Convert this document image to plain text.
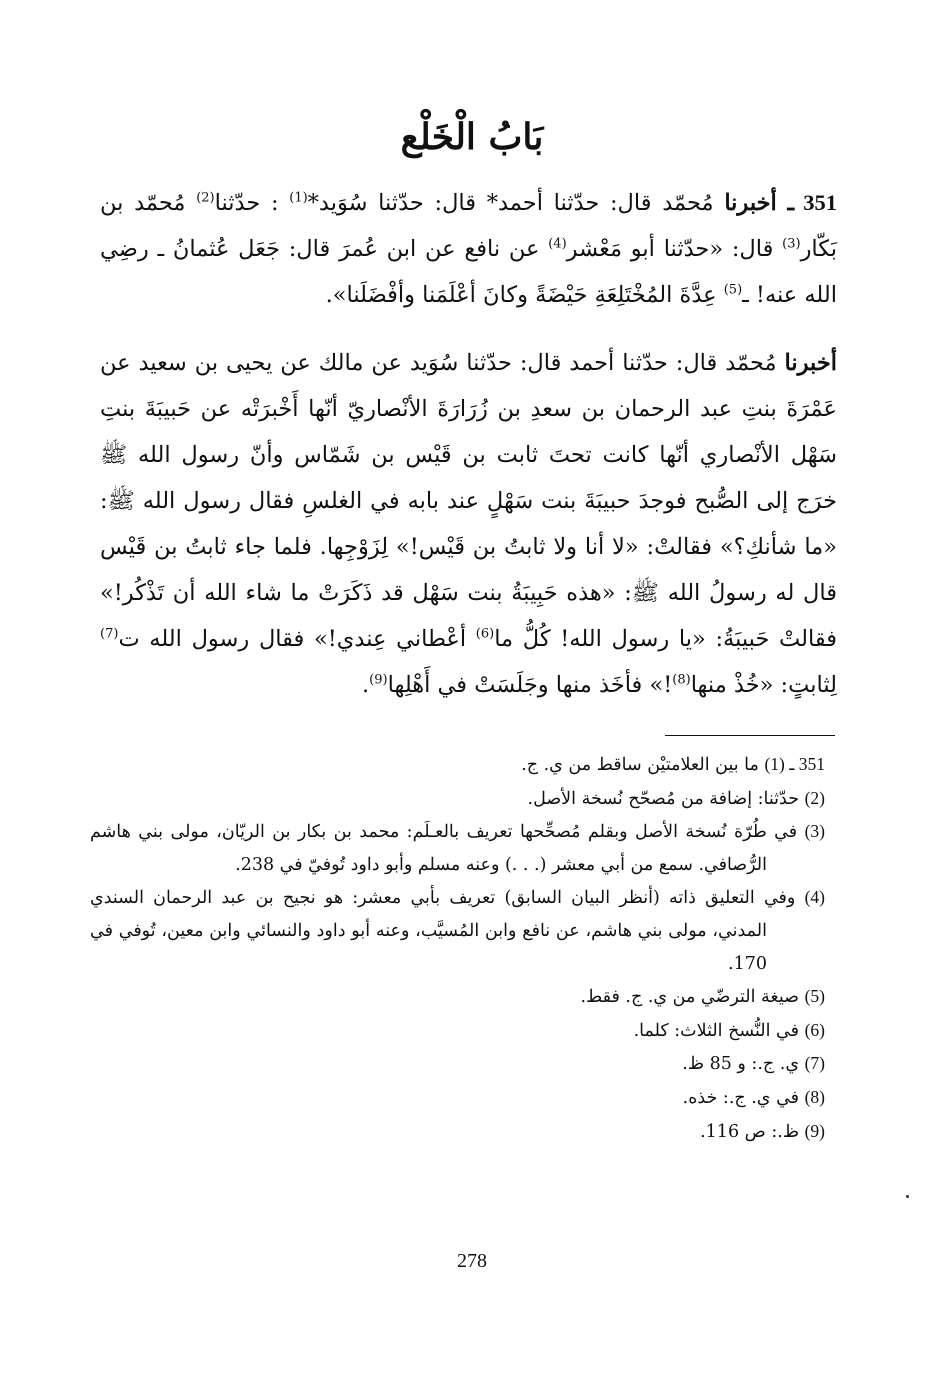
بَابُ الْخَلْع
351 ـ أخبرنا مُحمّد قال: حدّثنا أحمد* قال: حدّثنا سُوَيد*$^{(1)}$ : حدّثنا$^{(2)}$ مُحمّد بن بَكّار$^{(3)}$ قال: «حدّثنا أبو مَعْشر$^{(4)}$ عن نافع عن ابن عُمرَ قال: جَعَل عُثمانُ ـ رضِي الله عنه! ـ$^{(5)}$ عِدَّةَ المُخْتَلِعَةِ حَيْضَةً وكانَ أعْلَمَنا وأفْضَلَنا».
أخبرنا مُحمّد قال: حدّثنا أحمد قال: حدّثنا سُوَيد عن مالك عن يحيى بن سعيد عن عَمْرَةَ بنتِ عبد الرحمان بن سعدِ بن زُرَارَةَ الأنْصاريّ أنّها أَخْبرَتْه عن حَبيبَةَ بنتِ سَهْل الأنْصاري أنّها كانت تحتَ ثابت بن قَيْس بن شَمّاس وأنّ رسول الله ﷺ خرَج إلى الصُّبح فوجدَ حبيبَةَ بنت سَهْلٍ عند بابه في الغلسِ فقال رسول الله ﷺ: «ما شأنكِ؟» فقالتْ: «لا أنا ولا ثابتُ بن قَيْس!» لِزَوْجِها. فلما جاء ثابتُ بن قَيْس قال له رسولُ الله ﷺ: «هذه حَبِيبَةُ بنت سَهْل قد ذَكَرَتْ ما شاء الله أن تَذْكُر!» فقالتْ حَبيبَةُ: «يا رسول الله! كُلُّ ما$^{(6)}$ أعْطاني عِندي!» فقال رسول الله ت$^{(7)}$ لِثابتٍ: «خُذْ منها$^{(8)}$!» فأخَذ منها وجَلَسَتْ في أَهْلِها$^{(9)}$.
351 ـ (1) ما بين العلامتيْن ساقط من ي. ج.
(2) حدّثنا: إضافة من مُصحّح نُسخة الأصل.
(3) في طُرّة نُسخة الأصل وبقلم مُصحِّحها تعريف بالعـلَم: محمد بن بكار بن الريّان، مولى بني هاشم الرُّصافي. سمع من أبي معشر (. . .) وعنه مسلم وأبو داود تُوفيّ في 238.
(4) وفي التعليق ذاته (أنظر البيان السابق) تعريف بأبي معشر: هو نجيح بن عبد الرحمان السندي المدني، مولى بني هاشم، عن نافع وابن المُسيَّب، وعنه أبو داود والنسائي وابن معين، تُوفي في 170.
(5) صيغة الترضّي من ي. ج. فقط.
(6) في النُّسخ الثلاث: كلما.
(7) ي. ج.: و 85 ظ.
(8) في ي. ج.: خذه.
(9) ظ.: ص 116.
278
